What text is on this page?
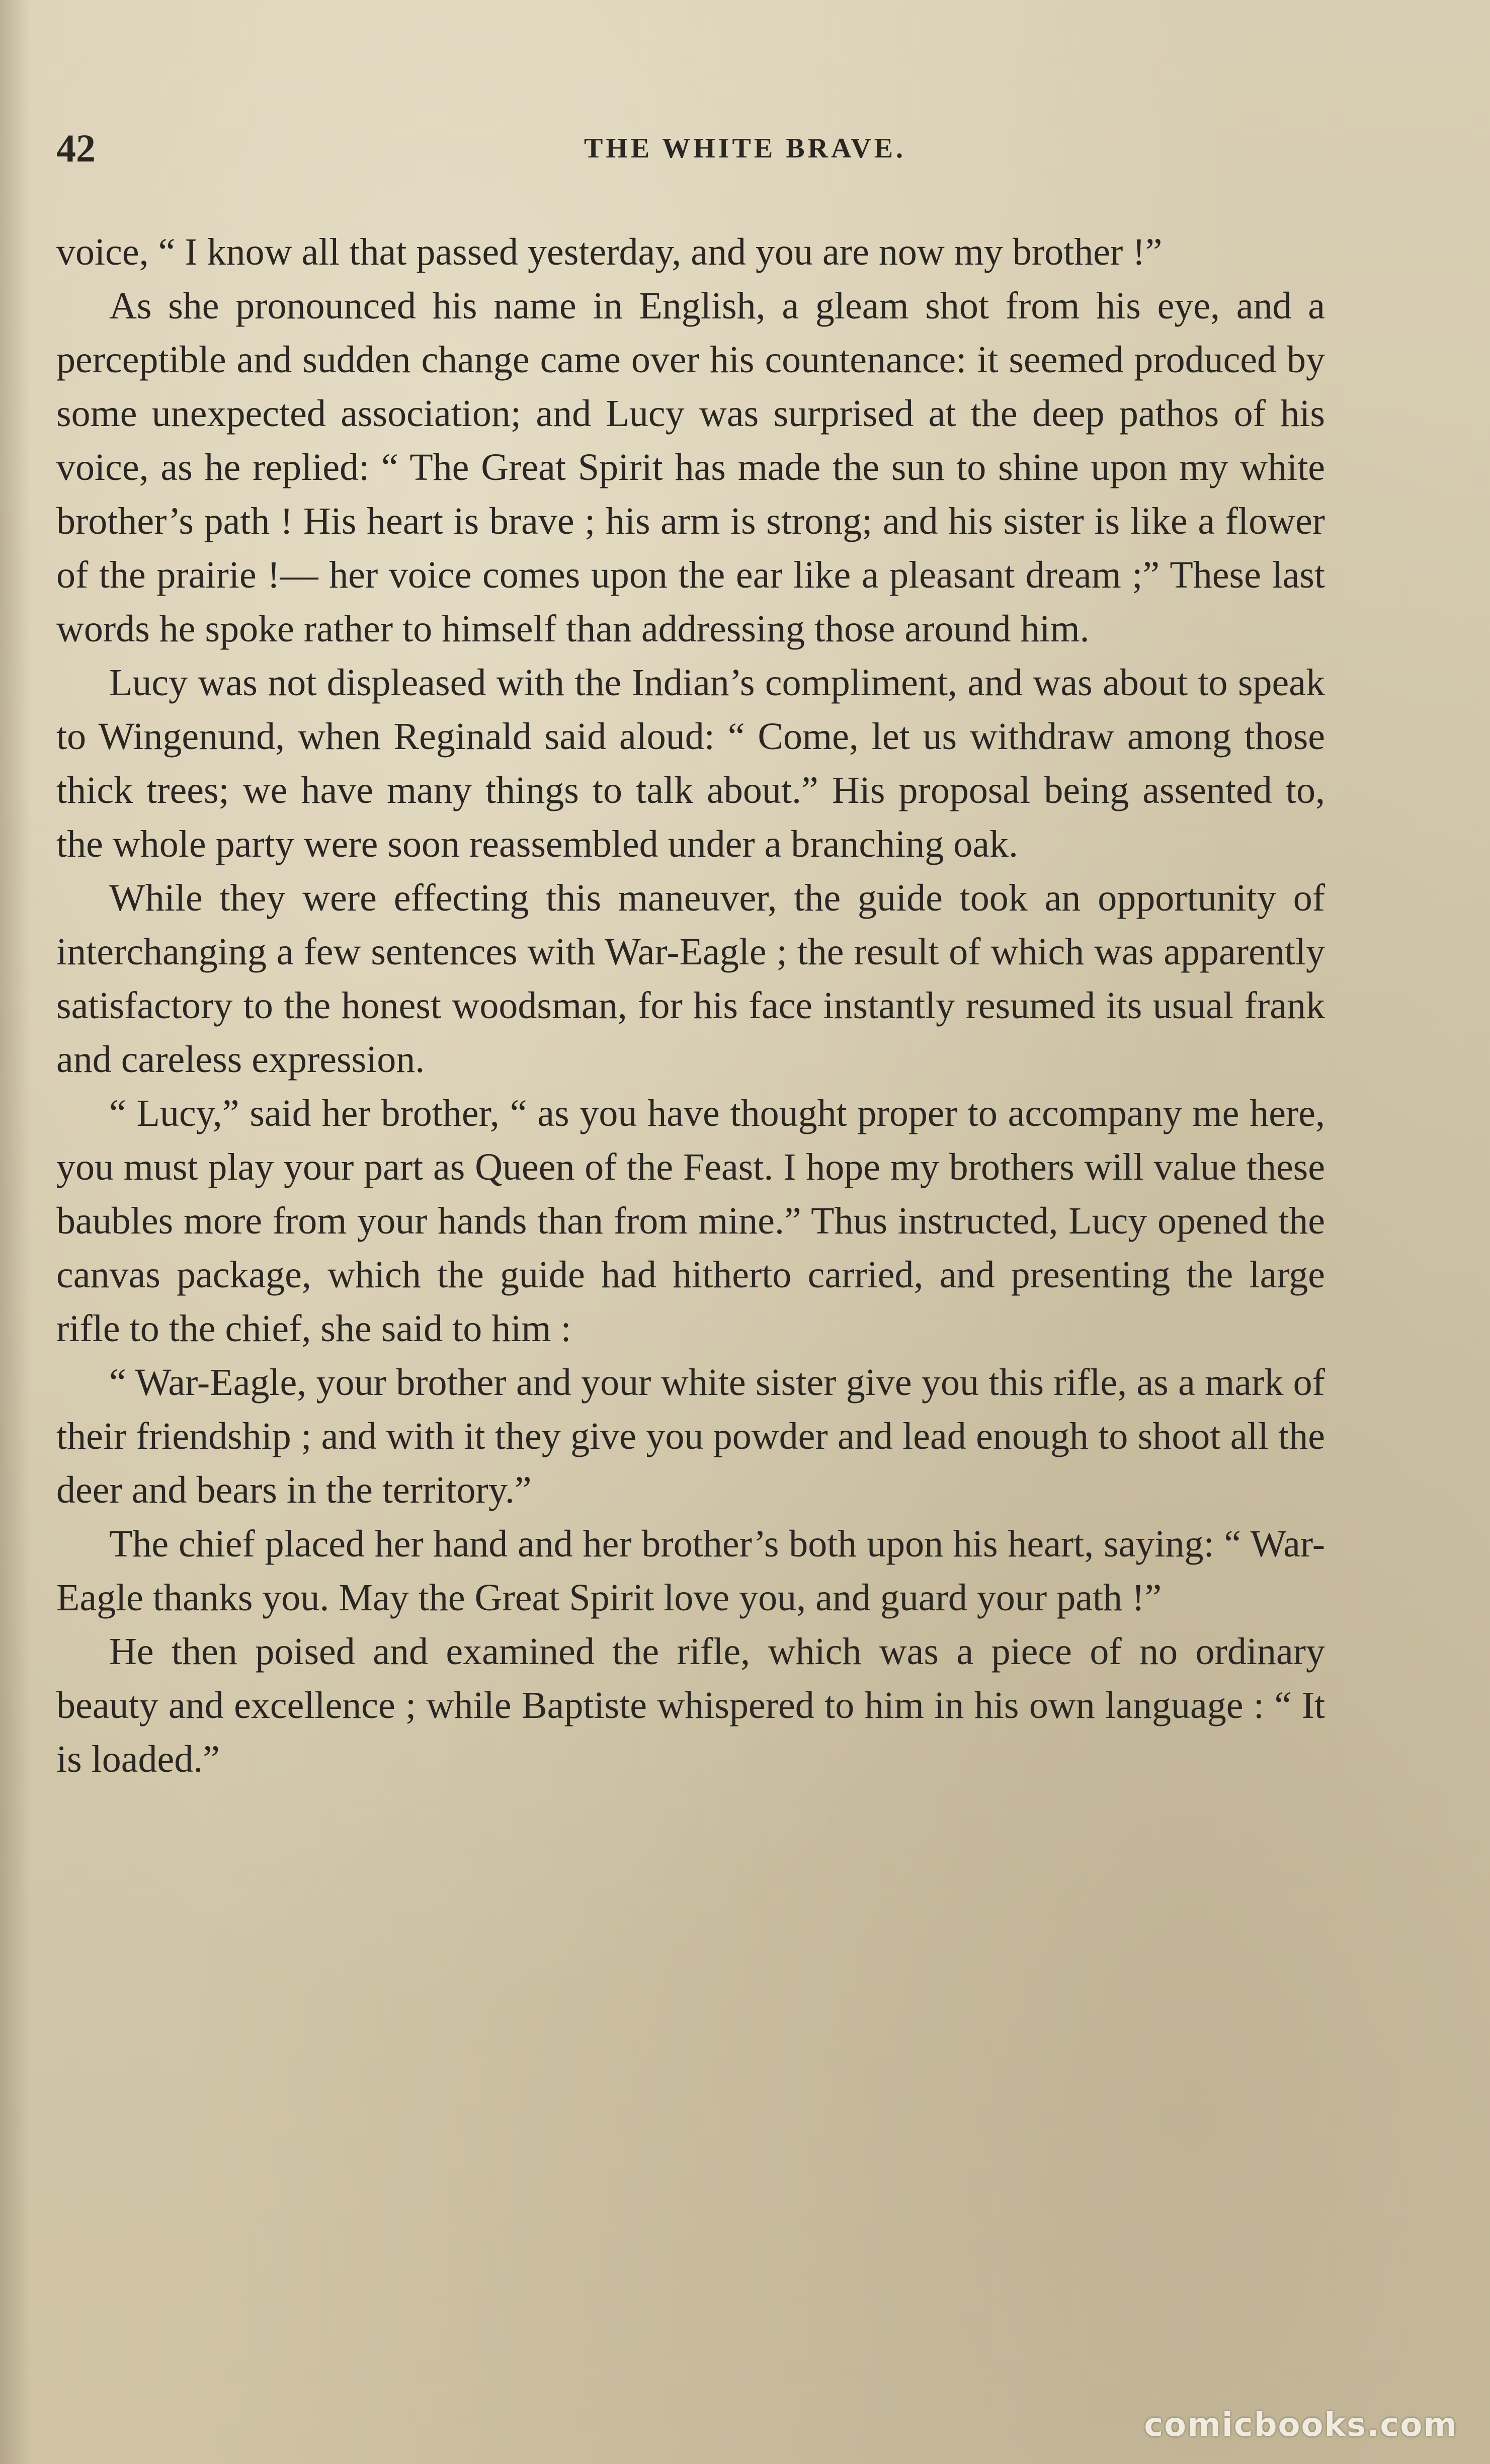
42	THE WHITE BRAVE.

voice, “ I know all that passed yesterday, and you are now my brother !”

As she pronounced his name in English, a gleam shot from his eye, and a perceptible and sudden change came over his countenance: it seemed produced by some unexpected association; and Lucy was surprised at the deep pathos of his voice, as he replied: “ The Great Spirit has made the sun to shine upon my white brother’s path ! His heart is brave ; his arm is strong; and his sister is like a flower of the prairie !— her voice comes upon the ear like a pleasant dream ;” These last words he spoke rather to himself than addressing those around him.

Lucy was not displeased with the Indian’s compliment, and was about to speak to Wingenund, when Reginald said aloud: “ Come, let us withdraw among those thick trees; we have many things to talk about.” His proposal being assented to, the whole party were soon reassembled under a branching oak.

While they were effecting this maneuver, the guide took an opportunity of interchanging a few sentences with War-Eagle ; the result of which was apparently satisfactory to the honest woodsman, for his face instantly resumed its usual frank and careless expression.

“ Lucy,” said her brother, “ as you have thought proper to accompany me here, you must play your part as Queen of the Feast. I hope my brothers will value these baubles more from your hands than from mine.” Thus instructed, Lucy opened the canvas package, which the guide had hitherto carried, and presenting the large rifle to the chief, she said to him :

“ War-Eagle, your brother and your white sister give you this rifle, as a mark of their friendship ; and with it they give you powder and lead enough to shoot all the deer and bears in the territory.”

The chief placed her hand and her brother’s both upon his heart, saying: “ War-Eagle thanks you. May the Great Spirit love you, and guard your path !”

He then poised and examined the rifle, which was a piece of no ordinary beauty and excellence ; while Baptiste whispered to him in his own language : “ It is loaded.”

comicbooks.com
